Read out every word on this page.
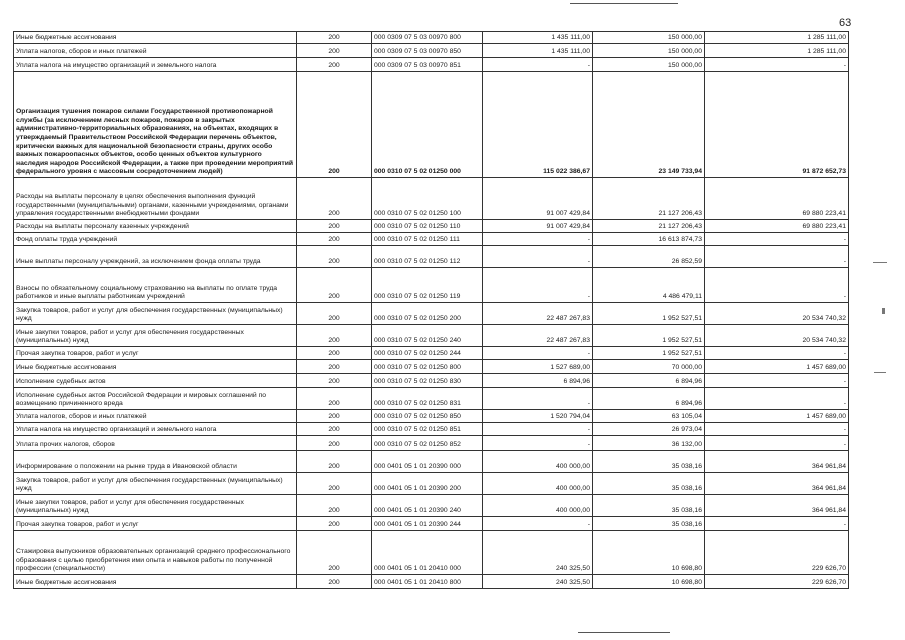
63
Иные бюджетные ассигнования	200	000 0309 07 5 03 00970 800	1 435 111,00	150 000,00	1 285 111,00
Уплата налогов, сборов и иных платежей	200	000 0309 07 5 03 00970 850	1 435 111,00	150 000,00	1 285 111,00
Уплата налога на имущество организаций и земельного налога	200	000 0309 07 5 03 00970 851	-	150 000,00	-
Организация тушения пожаров силами Государственной противопожарной службы (за исключением лесных пожаров, пожаров в закрытых административно-территориальных образованиях, на объектах, входящих в утверждаемый Правительством Российской Федерации перечень объектов, критически важных для национальной безопасности страны, других особо важных пожароопасных объектов, особо ценных объектов культурного наследия народов Российской Федерации, а также при проведении мероприятий федерального уровня с массовым сосредоточением людей)	200	000 0310 07 5 02 01250 000	115 022 386,67	23 149 733,94	91 872 652,73
Расходы на выплаты персоналу в целях обеспечения выполнения функций государственными (муниципальными) органами, казенными учреждениями, органами управления государственными внебюджетными фондами	200	000 0310 07 5 02 01250 100	91 007 429,84	21 127 206,43	69 880 223,41
Расходы на выплаты персоналу казенных учреждений	200	000 0310 07 5 02 01250 110	91 007 429,84	21 127 206,43	69 880 223,41
Фонд оплаты труда учреждений	200	000 0310 07 5 02 01250 111	-	16 613 874,73	-
Иные выплаты персоналу учреждений, за исключением фонда оплаты труда	200	000 0310 07 5 02 01250 112	-	26 852,59	-
Взносы по обязательному социальному страхованию на выплаты по оплате труда работников и иные выплаты работникам учреждений	200	000 0310 07 5 02 01250 119	-	4 486 479,11	-
Закупка товаров, работ и услуг для обеспечения государственных (муниципальных) нужд	200	000 0310 07 5 02 01250 200	22 487 267,83	1 952 527,51	20 534 740,32
Иные закупки товаров, работ и услуг для обеспечения государственных (муниципальных) нужд	200	000 0310 07 5 02 01250 240	22 487 267,83	1 952 527,51	20 534 740,32
Прочая закупка товаров, работ и услуг	200	000 0310 07 5 02 01250 244	-	1 952 527,51	-
Иные бюджетные ассигнования	200	000 0310 07 5 02 01250 800	1 527 689,00	70 000,00	1 457 689,00
Исполнение судебных актов	200	000 0310 07 5 02 01250 830	6 894,96	6 894,96	-
Исполнение судебных актов Российской Федерации и мировых соглашений по возмещению причиненного вреда	200	000 0310 07 5 02 01250 831	-	6 894,96	-
Уплата налогов, сборов и иных платежей	200	000 0310 07 5 02 01250 850	1 520 794,04	63 105,04	1 457 689,00
Уплата налога на имущество организаций и земельного налога	200	000 0310 07 5 02 01250 851	-	26 973,04	-
Уплата прочих налогов, сборов	200	000 0310 07 5 02 01250 852	-	36 132,00	-
Информирование о положении на рынке труда в Ивановской области	200	000 0401 05 1 01 20390 000	400 000,00	35 038,16	364 961,84
Закупка товаров, работ и услуг для обеспечения государственных (муниципальных) нужд	200	000 0401 05 1 01 20390 200	400 000,00	35 038,16	364 961,84
Иные закупки товаров, работ и услуг для обеспечения государственных (муниципальных) нужд	200	000 0401 05 1 01 20390 240	400 000,00	35 038,16	364 961,84
Прочая закупка товаров, работ и услуг	200	000 0401 05 1 01 20390 244	-	35 038,16	-
Стажировка выпускников образовательных организаций среднего профессионального образования с целью приобретения ими опыта и навыков работы по полученной профессии (специальности)	200	000 0401 05 1 01 20410 000	240 325,50	10 698,80	229 626,70
Иные бюджетные ассигнования	200	000 0401 05 1 01 20410 800	240 325,50	10 698,80	229 626,70
